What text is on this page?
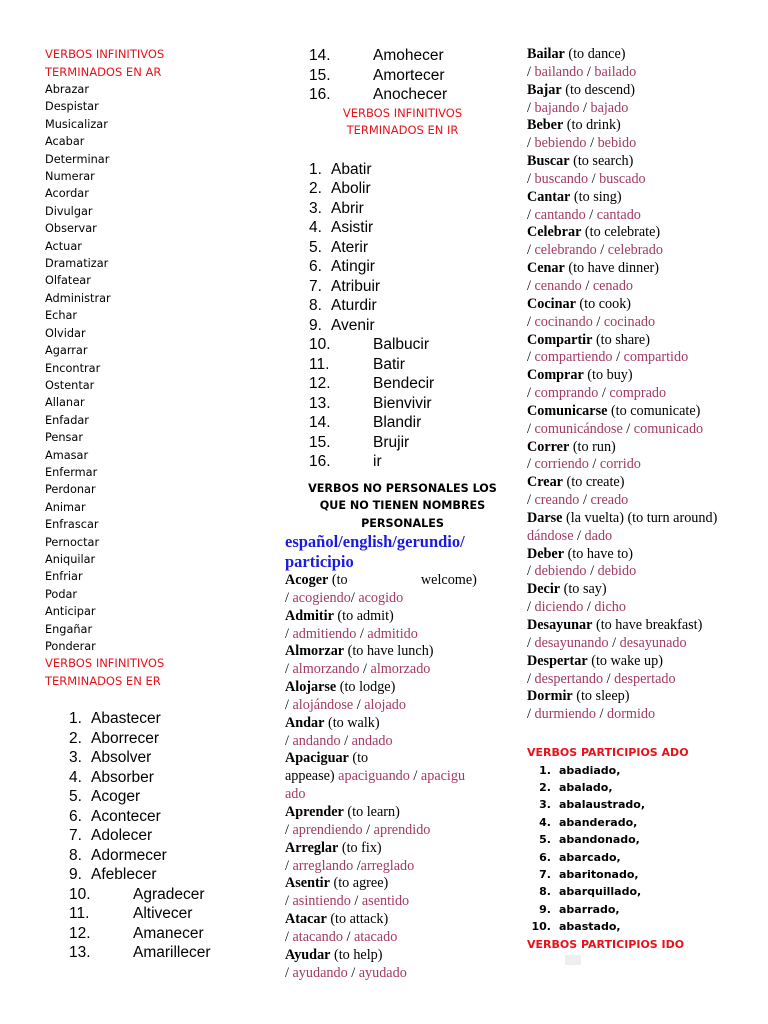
VERBOS INFINITIVOS
TERMINADOS EN AR
Abrazar
Despistar
Musicalizar
Acabar
Determinar
Numerar
Acordar
Divulgar
Observar
Actuar
Dramatizar
Olfatear
Administrar
Echar
Olvidar
Agarrar
Encontrar
Ostentar
Allanar
Enfadar
Pensar
Amasar
Enfermar
Perdonar
Animar
Enfrascar
Pernoctar
Aniquilar
Enfriar
Podar
Anticipar
Engañar
Ponderar
VERBOS INFINITIVOS
TERMINADOS EN ER
1. Abastecer
2. Aborrecer
3. Absolver
4. Absorber
5. Acoger
6. Acontecer
7. Adolecer
8. Adormecer
9. Afeblecer
10.	Agradecer
11.	Altivecer
12.	Amanecer
13.	Amarillecer
14.	Amohecer
15.	Amortecer
16.	Anochecer
VERBOS INFINITIVOS
TERMINADOS EN IR
1. Abatir
2. Abolir
3. Abrir
4. Asistir
5. Aterir
6. Atingir
7. Atribuir
8. Aturdir
9. Avenir
10.	Balbucir
11.	Batir
12.	Bendecir
13.	Bienvivir
14.	Blandir
15.	Brujir
16.	ir
VERBOS NO PERSONALES LOS
QUE NO TIENEN NOMBRES
PERSONALES
español/english/gerundio/
participio
Acoger (to welcome)
/ acogiendo/ acogido
Admitir (to admit)
/ admitiendo / admitido
Almorzar (to have lunch)
/ almorzando / almorzado
Alojarse (to lodge)
/ alojándose / alojado
Andar (to walk)
/ andando / andado
Apaciguar (to
appease) apaciguando / apacigu
ado
Aprender (to learn)
/ aprendiendo / aprendido
Arreglar (to fix)
/ arreglando /arreglado
Asentir (to agree)
/ asintiendo / asentido
Atacar (to attack)
/ atacando / atacado
Ayudar (to help)
/ ayudando / ayudado
Bailar (to dance)
/ bailando / bailado
Bajar (to descend)
/ bajando / bajado
Beber (to drink)
/ bebiendo / bebido
Buscar (to search)
/ buscando / buscado
Cantar (to sing)
/ cantando / cantado
Celebrar (to celebrate)
/ celebrando / celebrado
Cenar (to have dinner)
/ cenando / cenado
Cocinar (to cook)
/ cocinando / cocinado
Compartir (to share)
/ compartiendo / compartido
Comprar (to buy)
/ comprando / comprado
Comunicarse (to comunicate)
/ comunicándose / comunicado
Correr (to run)
/ corriendo / corrido
Crear (to create)
/ creando / creado
Darse (la vuelta) (to turn around) dándose / dado
Deber (to have to)
/ debiendo / debido
Decir (to say)
/ diciendo / dicho
Desayunar (to have breakfast)
/ desayunando / desayunado
Despertar (to wake up)
/ despertando / despertado
Dormir (to sleep)
/ durmiendo / dormido
VERBOS PARTICIPIOS ADO
1. abadiado,
2. abalado,
3. abalaustrado,
4. abanderado,
5. abandonado,
6. abarcado,
7. abaritonado,
8. abarquillado,
9. abarrado,
10. abastado,
VERBOS PARTICIPIOS IDO
